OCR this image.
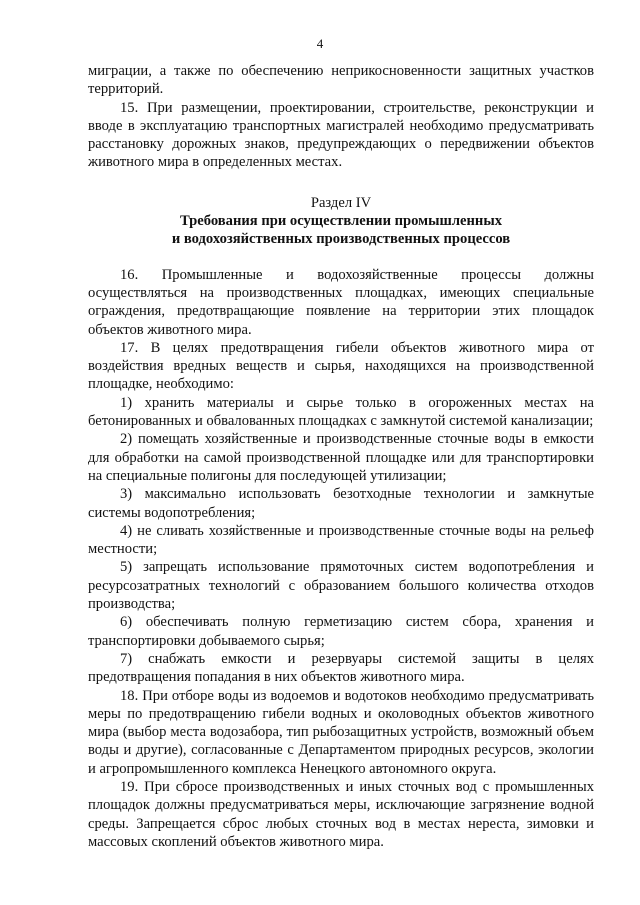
4

миграции, а также по обеспечению неприкосновенности защитных участков территорий.

15. При размещении, проектировании, строительстве, реконструкции и вводе в эксплуатацию транспортных магистралей необходимо предусматривать расстановку дорожных знаков, предупреждающих о передвижении объектов животного мира в определенных местах.

Раздел IV

Требования при осуществлении промышленных
и водохозяйственных производственных процессов

16. Промышленные и водохозяйственные процессы должны осуществляться на производственных площадках, имеющих специальные ограждения, предотвращающие появление на территории этих площадок объектов животного мира.

17. В целях предотвращения гибели объектов животного мира от воздействия вредных веществ и сырья, находящихся на производственной площадке, необходимо:

1) хранить материалы и сырье только в огороженных местах на бетонированных и обвалованных площадках с замкнутой системой канализации;

2) помещать хозяйственные и производственные сточные воды в емкости для обработки на самой производственной площадке или для транспортировки на специальные полигоны для последующей утилизации;

3) максимально использовать безотходные технологии и замкнутые системы водопотребления;

4) не сливать хозяйственные и производственные сточные воды на рельеф местности;

5) запрещать использование прямоточных систем водопотребления и ресурсозатратных технологий с образованием большого количества отходов производства;

6) обеспечивать полную герметизацию систем сбора, хранения и транспортировки добываемого сырья;

7) снабжать емкости и резервуары системой защиты в целях предотвращения попадания в них объектов животного мира.

18. При отборе воды из водоемов и водотоков необходимо предусматривать меры по предотвращению гибели водных и околоводных объектов животного мира (выбор места водозабора, тип рыбозащитных устройств, возможный объем воды и другие), согласованные с Департаментом природных ресурсов, экологии и агропромышленного комплекса Ненецкого автономного округа.

19. При сбросе производственных и иных сточных вод с промышленных площадок должны предусматриваться меры, исключающие загрязнение водной среды. Запрещается сброс любых сточных вод в местах нереста, зимовки и массовых скоплений объектов животного мира.
